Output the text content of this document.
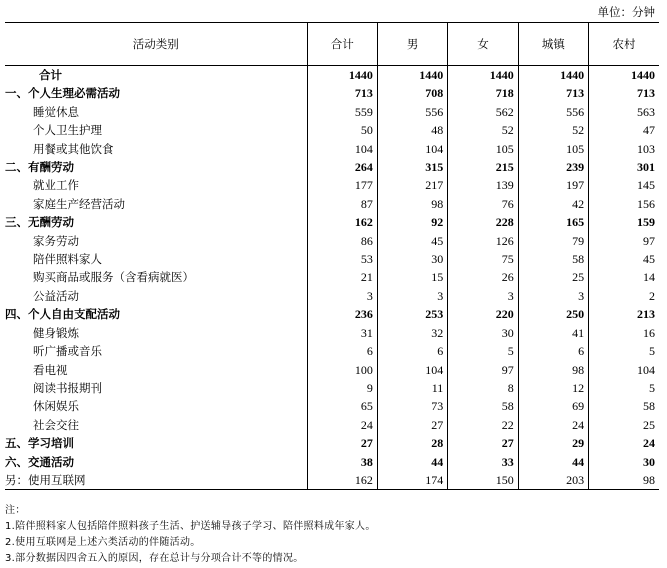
单位：分钟
活动类别	合计	男	女	城镇	农村
合计	1440	1440	1440	1440	1440
一、个人生理必需活动	713	708	718	713	713
睡觉休息	559	556	562	556	563
个人卫生护理	50	48	52	52	47
用餐或其他饮食	104	104	105	105	103
二、有酬劳动	264	315	215	239	301
就业工作	177	217	139	197	145
家庭生产经营活动	87	98	76	42	156
三、无酬劳动	162	92	228	165	159
家务劳动	86	45	126	79	97
陪伴照料家人	53	30	75	58	45
购买商品或服务（含看病就医）	21	15	26	25	14
公益活动	3	3	3	3	2
四、个人自由支配活动	236	253	220	250	213
健身锻炼	31	32	30	41	16
听广播或音乐	6	6	5	6	5
看电视	100	104	97	98	104
阅读书报期刊	9	11	8	12	5
休闲娱乐	65	73	58	69	58
社会交往	24	27	22	24	25
五、学习培训	27	28	27	29	24
六、交通活动	38	44	33	44	30
另：使用互联网	162	174	150	203	98
注：
1.陪伴照料家人包括陪伴照料孩子生活、护送辅导孩子学习、陪伴照料成年家人。
2.使用互联网是上述六类活动的伴随活动。
3.部分数据因四舍五入的原因，存在总计与分项合计不等的情况。
